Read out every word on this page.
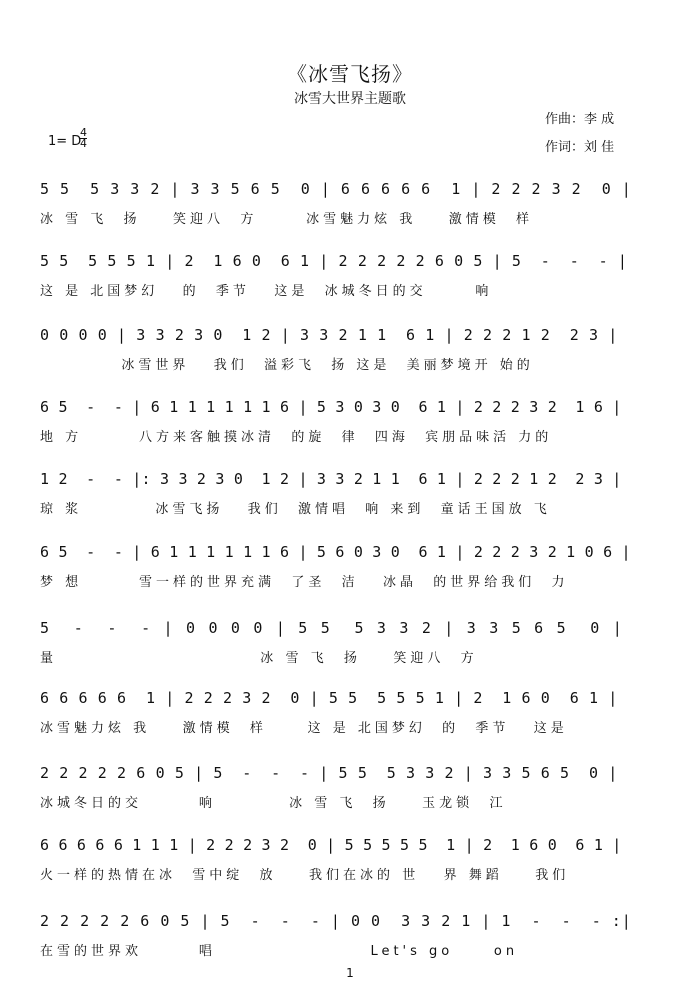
《冰雪飞扬》
冰雪大世界主题歌
作曲：李 成
作词：刘 佳
1= D
$\frac{4}{4}$
5 5  5 3 3 2 | 3 3 5 6 5  0 | 6 6 6 6 6  1 | 2 2 2 3 2  0 |
冰 雪 飞  扬    笑迎八  方      冰雪魅力炫 我    激情模  样
5 5  5 5 5 1 | 2  1 6 0  6 1 | 2 2 2 2 2 6 0 5 | 5  -  -  - |
这 是 北国梦幻   的  季节   这是  冰城冬日的交      响
0 0 0 0 | 3 3 2 3 0  1 2 | 3 3 2 1 1  6 1 | 2 2 2 1 2  2 3 |
冰雪世界   我们  溢彩飞  扬 这是  美丽梦境开 始的
6 5  -  - | 6 1 1 1 1 1 1 6 | 5 3 0 3 0  6 1 | 2 2 2 3 2  1 6 |
地 方       八方来客触摸冰清  的旋  律  四海  宾朋品味活 力的
1 2  -  - |: 3 3 2 3 0  1 2 | 3 3 2 1 1  6 1 | 2 2 2 1 2  2 3 |
琼 浆         冰雪飞扬   我们  激情唱  响 来到  童话王国放 飞
6 5  -  - | 6 1 1 1 1 1 1 6 | 5 6 0 3 0  6 1 | 2 2 2 3 2 1 0 6 |
梦 想       雪一样的世界充满  了圣  洁   冰晶  的世界给我们  力
5  -  -  - | 0 0 0 0 | 5 5  5 3 3 2 | 3 3 5 6 5  0 |
量                         冰 雪 飞  扬    笑迎八  方
6 6 6 6 6  1 | 2 2 2 3 2  0 | 5 5  5 5 5 1 | 2  1 6 0  6 1 |
冰雪魅力炫 我    激情模  样     这 是 北国梦幻  的  季节   这是
2 2 2 2 2 6 0 5 | 5  -  -  - | 5 5  5 3 3 2 | 3 3 5 6 5  0 |
冰城冬日的交       响         冰 雪 飞  扬    玉龙锁  江
6 6 6 6 6 1 1 1 | 2 2 2 3 2  0 | 5 5 5 5 5  1 | 2  1 6 0  6 1 |
火一样的热情在冰  雪中绽  放    我们在冰的 世   界 舞蹈    我们
2 2 2 2 2 6 0 5 | 5  -  -  - | 0 0  3 3 2 1 | 1  -  -  - :|
在雪的世界欢       唱                   Let's go     on
1
